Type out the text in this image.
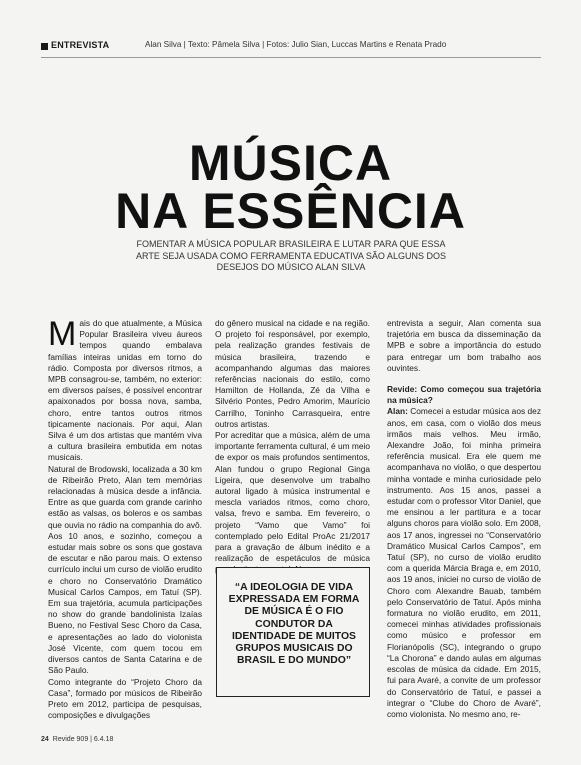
ENTREVISTA	Alan Silva | Texto: Pâmela Silva | Fotos: Julio Sian, Luccas Martins e Renata Prado
MÚSICA
NA ESSÊNCIA
FOMENTAR A MÚSICA POPULAR BRASILEIRA E LUTAR PARA QUE ESSA ARTE SEJA USADA COMO FERRAMENTA EDUCATIVA SÃO ALGUNS DOS DESEJOS DO MÚSICO ALAN SILVA

Mais do que atualmente, a Música Popular Brasileira viveu áureos tempos quando embalava famílias inteiras unidas em torno do rádio. Composta por diversos ritmos, a MPB consagrou-se, também, no exterior: em diversos países, é possível encontrar apaixonados por bossa nova, samba, choro, entre tantos outros ritmos tipicamente nacionais. Por aqui, Alan Silva é um dos artistas que mantém viva a cultura brasileira embutida em notas musicais.

Natural de Brodowski, localizada a 30 km de Ribeirão Preto, Alan tem memórias relacionadas à música desde a infância. Entre as que guarda com grande carinho estão as valsas, os boleros e os sambas que ouvia no rádio na companhia do avô. Aos 10 anos, e sozinho, começou a estudar mais sobre os sons que gostava de escutar e não parou mais. O extenso currículo inclui um curso de violão erudito e choro no Conservatório Dramático Musical Carlos Campos, em Tatuí (SP). Em sua trajetória, acumula participações no show do grande bandolinista Izaías Bueno, no Festival Sesc Choro da Casa, e apresentações ao lado do violonista José Vicente, com quem tocou em diversos cantos de Santa Catarina e de São Paulo.

Como integrante do “Projeto Choro da Casa”, formado por músicos de Ribeirão Preto em 2012, participa de pesquisas, composições e divulgações

do gênero musical na cidade e na região. O projeto foi responsável, por exemplo, pela realização grandes festivais de música brasileira, trazendo e acompanhando algumas das maiores referências nacionais do estilo, como Hamilton de Hollanda, Zé da Vilha e Silvério Pontes, Pedro Amorim, Maurício Carrilho, Toninho Carrasqueira, entre outros artistas.

Por acreditar que a música, além de uma importante ferramenta cultural, é um meio de expor os mais profundos sentimentos, Alan fundou o grupo Regional Ginga Ligeira, que desenvolve um trabalho autoral ligado à música instrumental e mescla variados ritmos, como choro, valsa, frevo e samba. Em fevereiro, o projeto “Vamo que Vamo” foi contemplado pelo Edital ProAc 21/2017 para a gravação de álbum inédito e a realização de espetáculos de música

“A IDEOLOGIA DE VIDA EXPRESSADA EM FORMA DE MÚSICA É O FIO CONDUTOR DA IDENTIDADE DE MUITOS GRUPOS MUSICAIS DO BRASIL E DO MUNDO”

entrevista a seguir, Alan comenta sua trajetória em busca da disseminação da MPB e sobre a importância do estudo para entregar um bom trabalho aos ouvintes.

Revide: Como começou sua trajetória na música?

Alan: Comecei a estudar música aos dez anos, em casa, com o violão dos meus irmãos mais velhos. Meu irmão, Alexandre João, foi minha primeira referência musical. Era ele quem me acompanhava no violão, o que despertou minha vontade e minha curiosidade pelo instrumento. Aos 15 anos, passei a estudar com o professor Vitor Daniel, que me ensinou a ler partitura e a tocar alguns choros para violão solo. Em 2008, aos 17 anos, ingressei no “Conservatório Dramático Musical Carlos Campos”, em Tatuí (SP), no curso de violão erudito com a querida Márcia Braga e, em 2010, aos 19 anos, iniciei no curso de violão de Choro com Alexandre Bauab, também pelo Conservatório de Tatuí. Após minha formatura no violão erudito, em 2011, comecei minhas atividades profissionais como músico e professor em Florianópolis (SC), integrando o grupo “La Chorona” e dando aulas em algumas escolas de música da cidade. Em 2015, fui para Avaré, a convite de um professor do Conservatório de Tatuí, e passei a integrar o “Clube do Choro de Avaré”, como violonista. No mesmo ano, re-

24 Revide 909 | 6.4.18
